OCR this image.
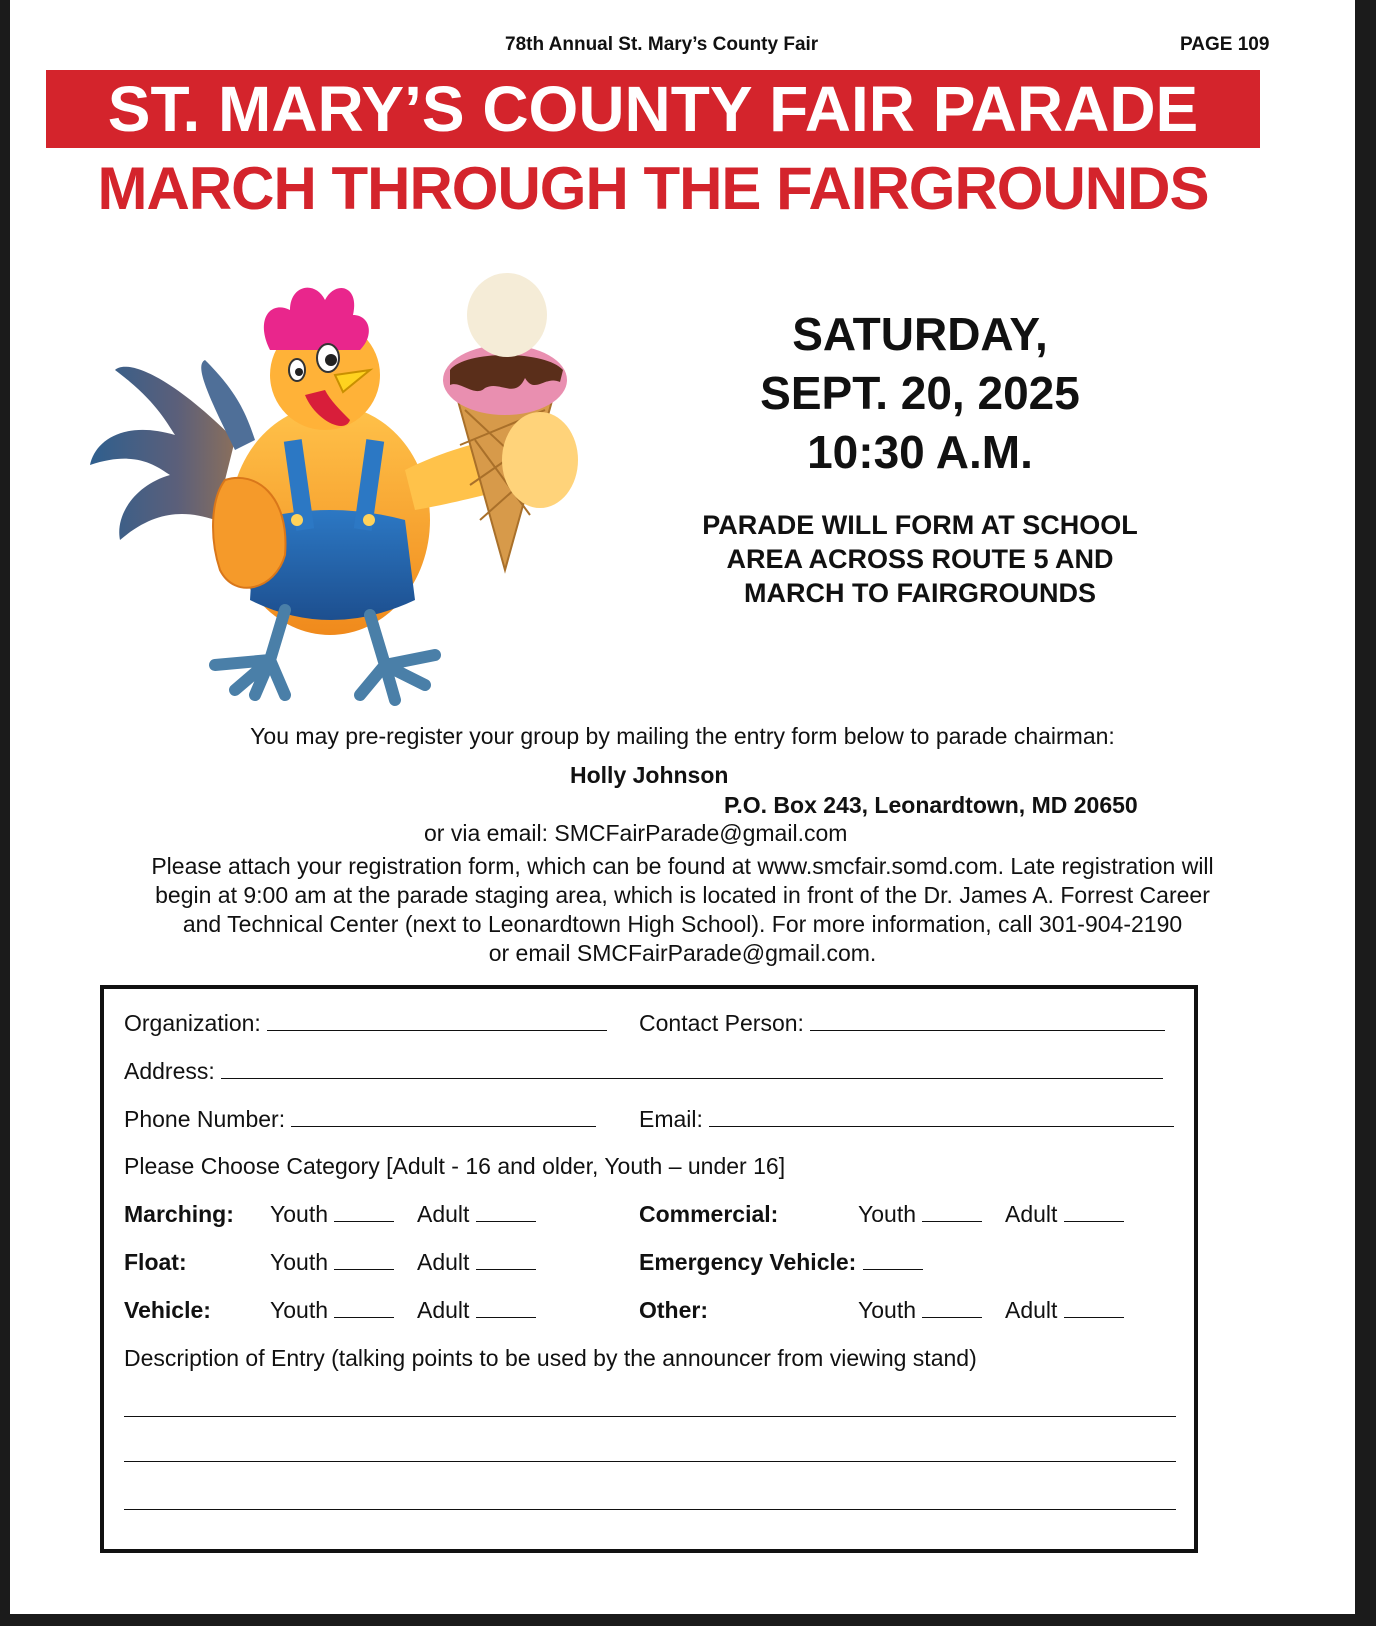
78th Annual St. Mary’s County Fair	PAGE 109
ST. MARY’S COUNTY FAIR PARADE
MARCH THROUGH THE FAIRGROUNDS
SATURDAY,
SEPT. 20, 2025
10:30 A.M.
PARADE WILL FORM AT SCHOOL
AREA ACROSS ROUTE 5 AND
MARCH TO FAIRGROUNDS
You may pre-register your group by mailing the entry form below to parade chairman:
Holly Johnson
P.O. Box 243, Leonardtown, MD 20650
or via email: SMCFairParade@gmail.com
Please attach your registration form, which can be found at www.smcfair.somd.com. Late registration will
begin at 9:00 am at the parade staging area, which is located in front of the Dr. James A. Forrest Career
and Technical Center (next to Leonardtown High School). For more information, call 301-904-2190
or email SMCFairParade@gmail.com.
Organization:	Contact Person:
Address:
Phone Number:	Email:
Please Choose Category [Adult - 16 and older, Youth – under 16]
Marching: Youth	Adult	Commercial:	Youth	Adult
Float:	Youth	Adult	Emergency Vehicle:
Vehicle:	Youth	Adult	Other:	Youth	Adult
Description of Entry (talking points to be used by the announcer from viewing stand)
